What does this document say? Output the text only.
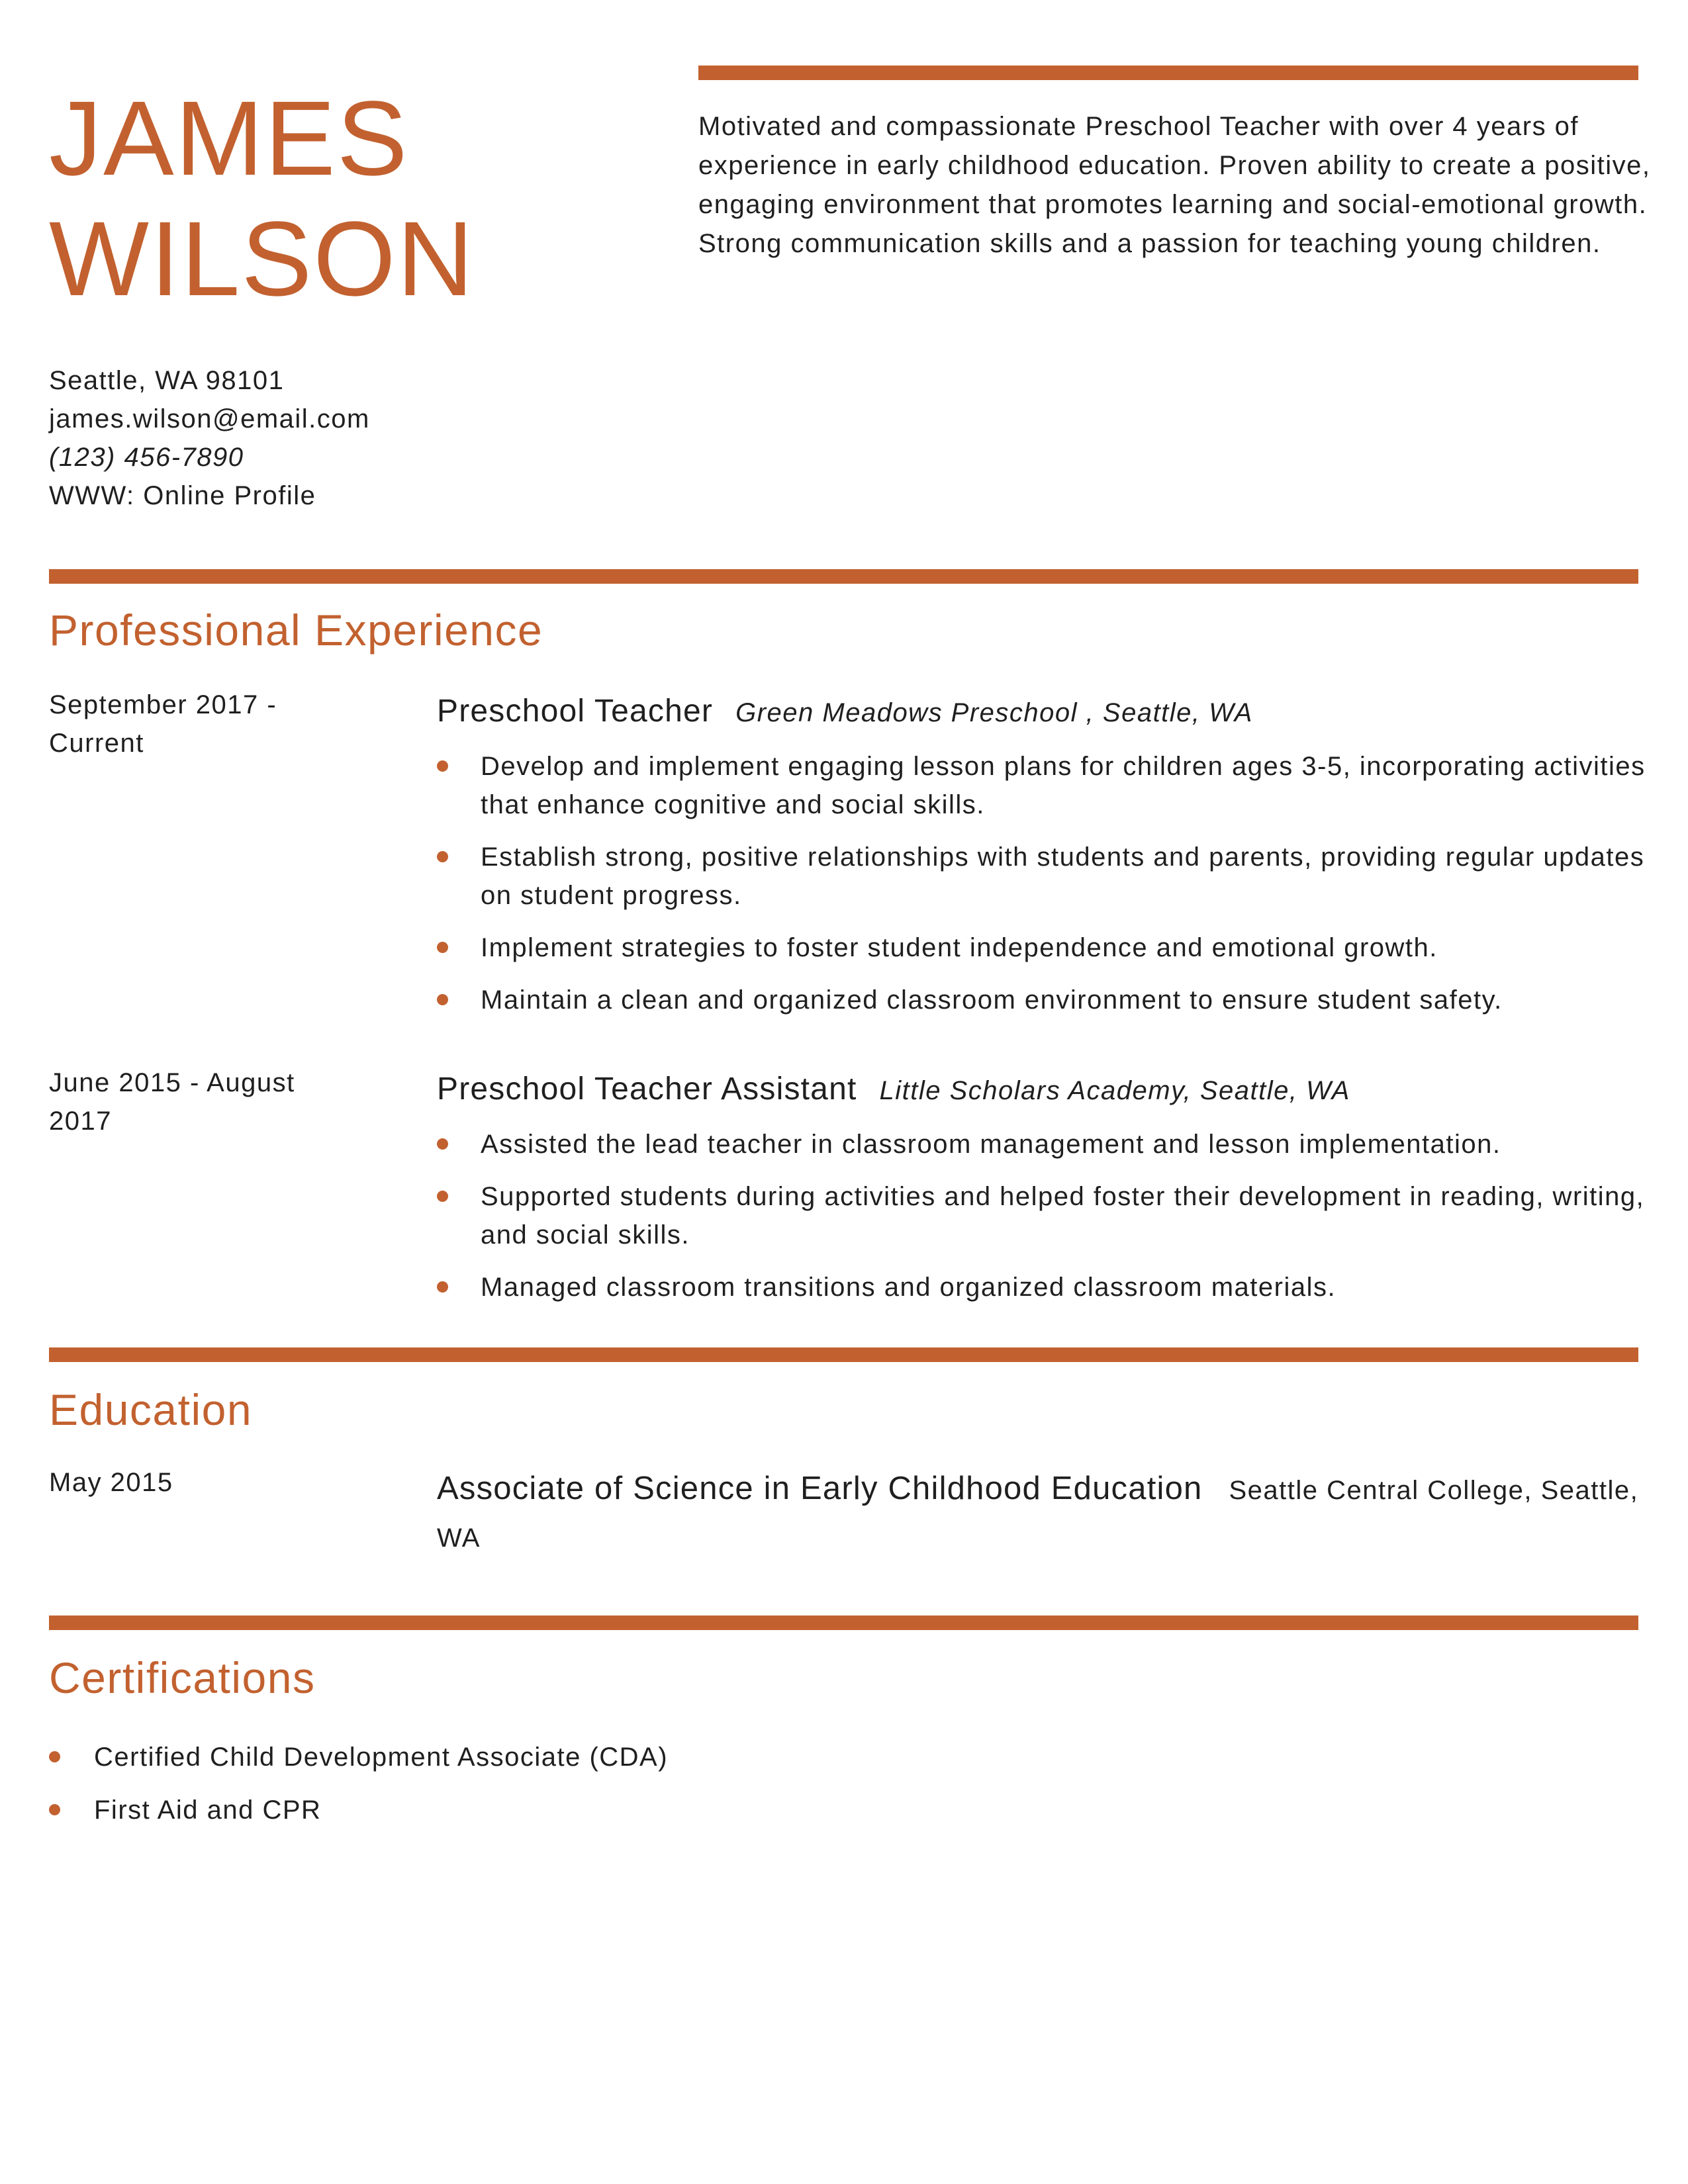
JAMES
WILSON
Motivated and compassionate Preschool Teacher with over 4 years of experience in early childhood education. Proven ability to create a positive, engaging environment that promotes learning and social-emotional growth. Strong communication skills and a passion for teaching young children.
Seattle, WA 98101
james.wilson@email.com
(123) 456-7890
WWW: Online Profile
Professional Experience
September 2017 -
Current
Preschool Teacher Green Meadows Preschool , Seattle, WA
Develop and implement engaging lesson plans for children ages 3-5, incorporating activities that enhance cognitive and social skills.
Establish strong, positive relationships with students and parents, providing regular updates on student progress.
Implement strategies to foster student independence and emotional growth.
Maintain a clean and organized classroom environment to ensure student safety.
June 2015 - August
2017
Preschool Teacher Assistant Little Scholars Academy, Seattle, WA
Assisted the lead teacher in classroom management and lesson implementation.
Supported students during activities and helped foster their development in reading, writing, and social skills.
Managed classroom transitions and organized classroom materials.
Education
May 2015	Associate of Science in Early Childhood Education Seattle Central College, Seattle, WA
Certifications
Certified Child Development Associate (CDA)
First Aid and CPR
